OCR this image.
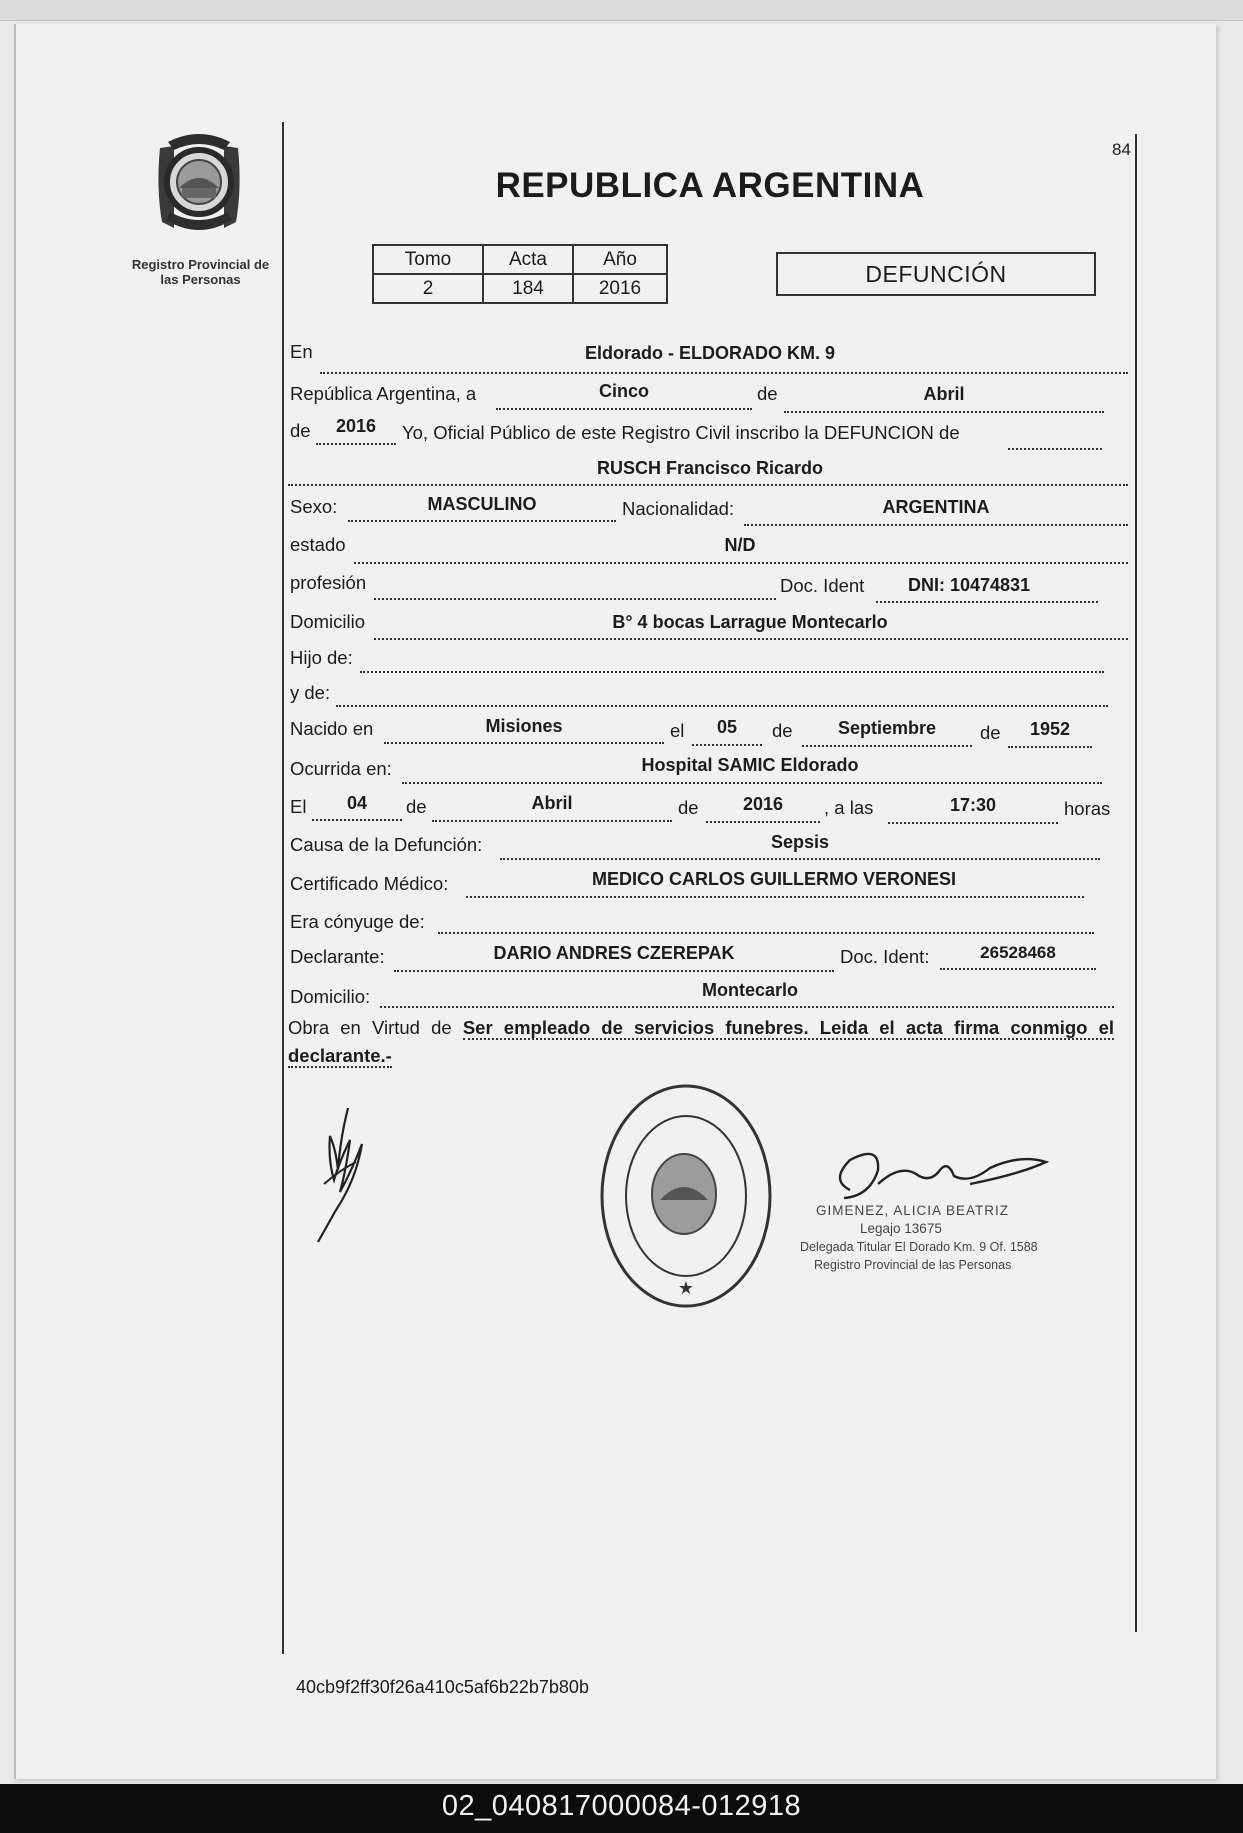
Registro Provincial de
las Personas
REPUBLICA ARGENTINA
84
Tomo	Acta	Año
2	184	2016
DEFUNCIÓN
En	Eldorado - ELDORADO KM. 9
República Argentina, a	Cinco	de	Abril
de	2016	Yo, Oficial Público de este Registro Civil inscribo la DEFUNCION de
RUSCH Francisco Ricardo
Sexo:	MASCULINO	Nacionalidad:	ARGENTINA
estado	N/D
profesión	Doc. Ident DNI: 10474831
Domicilio	B° 4 bocas Larrague Montecarlo
Hijo de:
y de:
Nacido en	Misiones	el	05	de	Septiembre	de	1952
Ocurrida en:	Hospital SAMIC Eldorado
El	04	de	Abril	de	2016	, a las	17:30	horas
Causa de la Defunción:	Sepsis
Certificado Médico:	MEDICO CARLOS GUILLERMO VERONESI
Era cónyuge de:
Declarante:	DARIO ANDRES CZEREPAK	Doc. Ident:	26528468
Domicilio:	Montecarlo
Obra en Virtud de Ser empleado de servicios funebres. Leida el acta firma conmigo el declarante.-
★
GIMENEZ, ALICIA BEATRIZ
Legajo 13675
Delegada Titular El Dorado Km. 9 Of. 1588
Registro Provincial de las Personas
40cb9f2ff30f26a410c5af6b22b7b80b
02_040817000084-012918
